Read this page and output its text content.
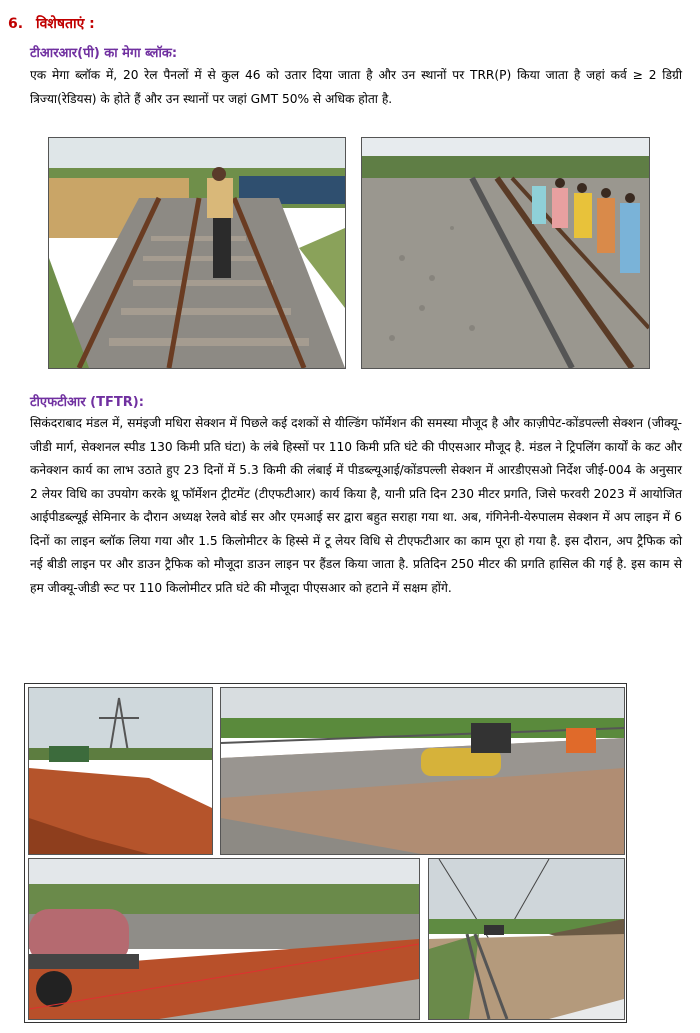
6. विशेषताएं :
टीआरआर(पी) का मेगा ब्लॉक:
एक मेगा ब्लॉक में, 20 रेल पैनलों में से कुल 46 को उतार दिया जाता है और उन स्थानों पर TRR(P) किया जाता है जहां कर्व ≥ 2 डिग्री त्रिज्या(रेडियस) के होते हैं और उन स्थानों पर जहां GMT 50% से अधिक होता है.
टीएफटीआर (TFTR):
सिकंदराबाद मंडल में, समंइजी मधिरा सेक्शन में पिछले कई दशकों से यील्डिंग फॉर्मेशन की समस्या मौजूद है और काज़ीपेट-कोंडपल्ली सेक्शन (जीक्यू-जीडी मार्ग, सेक्शनल स्पीड 130 किमी प्रति घंटा) के लंबे हिस्सों पर 110 किमी प्रति घंटे की पीएसआर मौजूद है. मंडल ने ट्रिपलिंग कार्यों के कट और कनेक्शन कार्य का लाभ उठाते हुए 23 दिनों में 5.3 किमी की लंबाई में पीडब्ल्यूआई/कोंडपल्ली सेक्शन में आरडीएसओ निर्देश जीई-004 के अनुसार 2 लेयर विधि का उपयोग करके थ्रू फॉर्मेशन ट्रीटमेंट (टीएफटीआर) कार्य किया है, यानी प्रति दिन 230 मीटर प्रगति, जिसे फरवरी 2023 में आयोजित आईपीडब्ल्यूई सेमिनार के दौरान अध्यक्ष रेलवे बोर्ड सर और एमआई सर द्वारा बहुत सराहा गया था. अब, गंगिनेनी-येरुपालम सेक्शन में अप लाइन में 6 दिनों का लाइन ब्लॉक लिया गया और 1.5 किलोमीटर के हिस्से में टू लेयर विधि से टीएफटीआर का काम पूरा हो गया है. इस दौरान, अप ट्रैफिक को नई बीडी लाइन पर और डाउन ट्रैफिक को मौजूदा डाउन लाइन पर हैंडल किया जाता है. प्रतिदिन 250 मीटर की प्रगति हासिल की गई है. इस काम से हम जीक्यू-जीडी रूट पर 110 किलोमीटर प्रति घंटे की मौजूदा पीएसआर को हटाने में सक्षम होंगे.
